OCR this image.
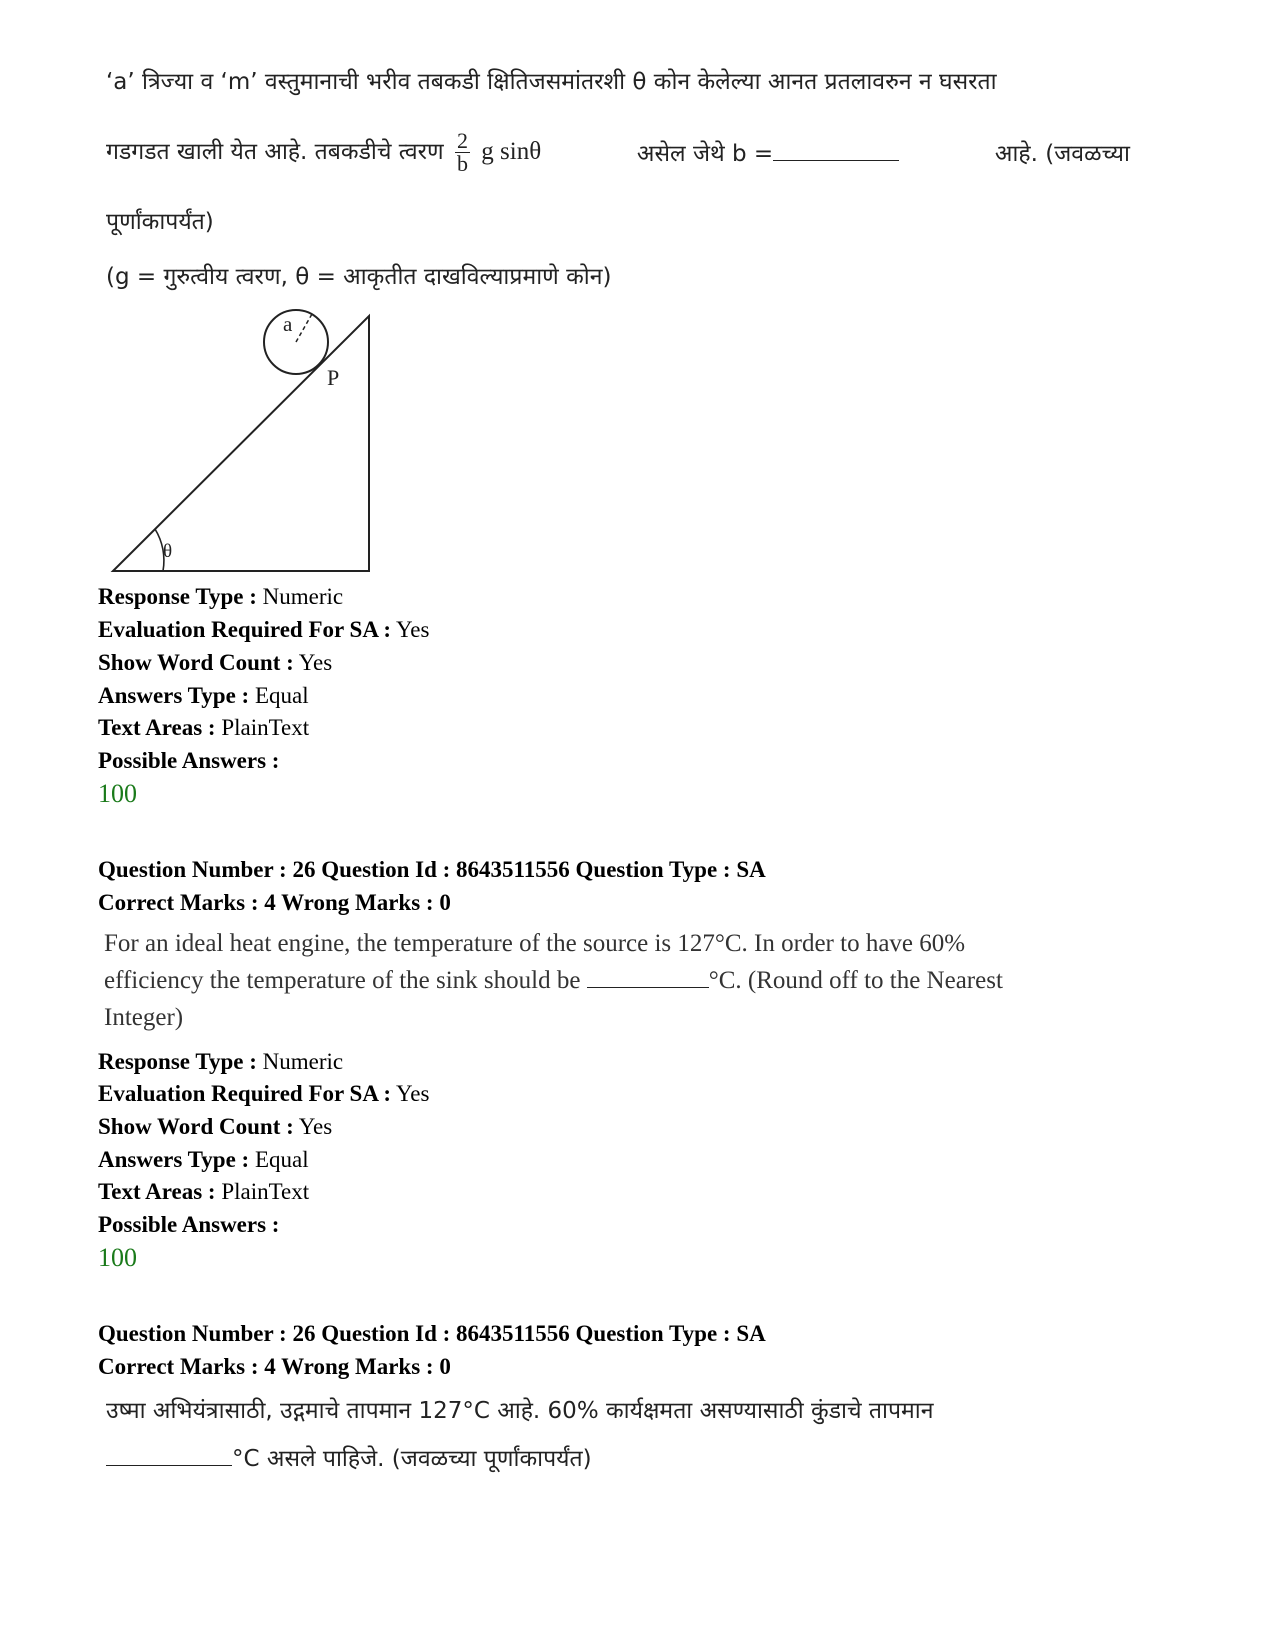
‘a’ त्रिज्या व ‘m’ वस्तुमानाची भरीव तबकडी क्षितिजसमांतरशी θ कोन केलेल्या आनत प्रतलावरुन न घसरता
गडगडत खाली येत आहे. तबकडीचे त्वरण $\frac{2}{b}$ g sinθ	असेल जेथे b =	आहे. (जवळच्या
पूर्णांकापर्यंत)
(g = गुरुत्वीय त्वरण, θ = आकृतीत दाखविल्याप्रमाणे कोन)
a
P
θ
Response Type : Numeric
Evaluation Required For SA : Yes
Show Word Count : Yes
Answers Type : Equal
Text Areas : PlainText
Possible Answers :
100
Question Number : 26 Question Id : 8643511556 Question Type : SA
Correct Marks : 4 Wrong Marks : 0
For an ideal heat engine, the temperature of the source is 127°C. In order to have 60%
efficiency the temperature of the sink should be	°C. (Round off to the Nearest
Integer)
Response Type : Numeric
Evaluation Required For SA : Yes
Show Word Count : Yes
Answers Type : Equal
Text Areas : PlainText
Possible Answers :
100
Question Number : 26 Question Id : 8643511556 Question Type : SA
Correct Marks : 4 Wrong Marks : 0
उष्मा अभियंत्रासाठी, उद्गमाचे तापमान 127°C आहे. 60% कार्यक्षमता असण्यासाठी कुंडाचे तापमान
°C असले पाहिजे. (जवळच्या पूर्णांकापर्यंत)
